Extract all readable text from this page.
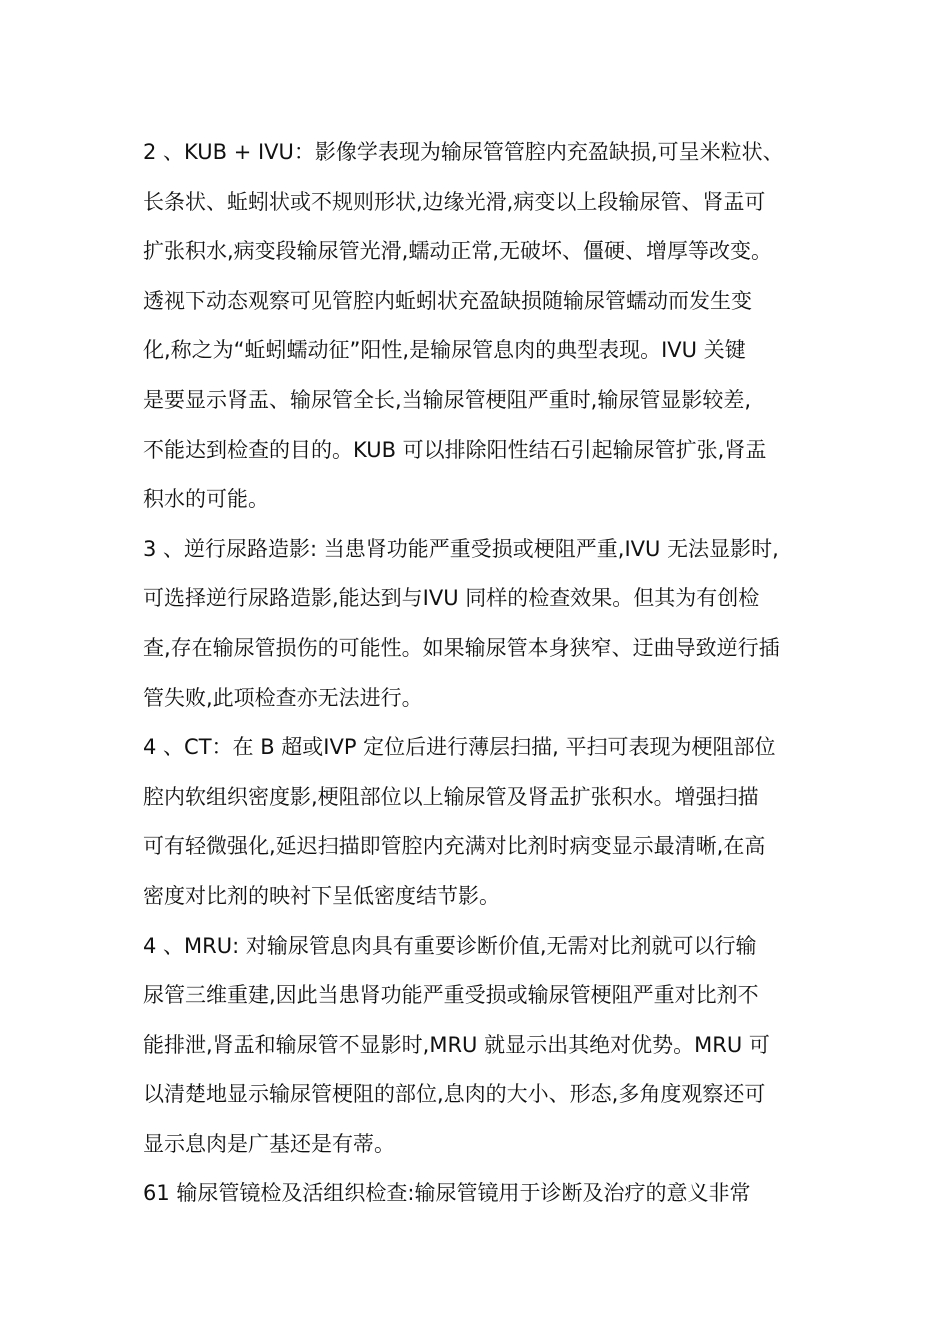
2 、KUB + IVU：影像学表现为输尿管管腔内充盈缺损,可呈米粒状、
长条状、蚯蚓状或不规则形状,边缘光滑,病变以上段输尿管、肾盂可
扩张积水,病变段输尿管光滑,蠕动正常,无破坏、僵硬、增厚等改变。
透视下动态观察可见管腔内蚯蚓状充盈缺损随输尿管蠕动而发生变
化,称之为“蚯蚓蠕动征”阳性,是输尿管息肉的典型表现。IVU 关键
是要显示肾盂、输尿管全长,当输尿管梗阻严重时,输尿管显影较差,
不能达到检查的目的。KUB 可以排除阳性结石引起输尿管扩张,肾盂
积水的可能。
3 、逆行尿路造影: 当患肾功能严重受损或梗阻严重,IVU 无法显影时,
可选择逆行尿路造影,能达到与IVU 同样的检查效果。但其为有创检
查,存在输尿管损伤的可能性。如果输尿管本身狭窄、迂曲导致逆行插
管失败,此项检查亦无法进行。
4 、CT：在 B 超或IVP 定位后进行薄层扫描, 平扫可表现为梗阻部位
腔内软组织密度影,梗阻部位以上输尿管及肾盂扩张积水。增强扫描
可有轻微强化,延迟扫描即管腔内充满对比剂时病变显示最清晰,在高
密度对比剂的映衬下呈低密度结节影。
4 、MRU: 对输尿管息肉具有重要诊断价值,无需对比剂就可以行输
尿管三维重建,因此当患肾功能严重受损或输尿管梗阻严重对比剂不
能排泄,肾盂和输尿管不显影时,MRU 就显示出其绝对优势。MRU 可
以清楚地显示输尿管梗阻的部位,息肉的大小、形态,多角度观察还可
显示息肉是广基还是有蒂。
61 输尿管镜检及活组织检查:输尿管镜用于诊断及治疗的意义非常
